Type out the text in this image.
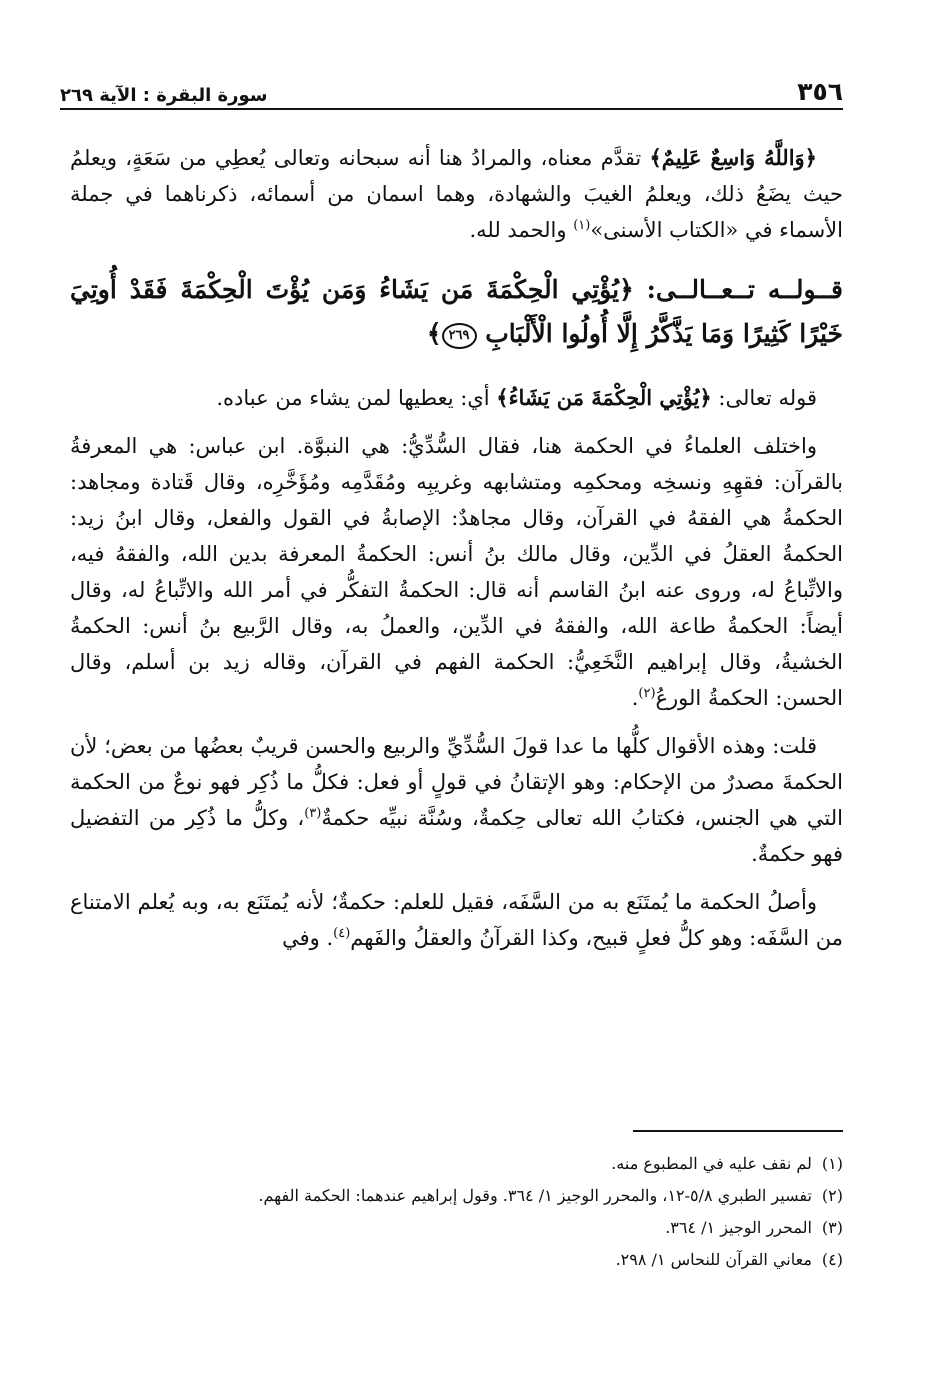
٣٥٦
سورة البقرة : الآية ٢٦٩

﴿وَاللَّهُ وَاسِعٌ عَلِيمٌ﴾ تقدَّم معناه، والمرادُ هنا أنه سبحانه وتعالى يُعطِي من سَعَةٍ، ويعلمُ حيث يضَعُ ذلك، ويعلمُ الغيبَ والشهادة، وهما اسمان من أسمائه، ذكرناهما في جملة الأسماء في «الكتاب الأسنى»$^{(١)}$ والحمد لله.

قــولــه تــعــالــى: ﴿يُؤْتِي الْحِكْمَةَ مَن يَشَاءُ وَمَن يُؤْتَ الْحِكْمَةَ فَقَدْ أُوتِيَ خَيْرًا كَثِيرًا وَمَا يَذَّكَّرُ إِلَّا أُولُوا الْأَلْبَابِ ٢٦٩﴾

قوله تعالى: ﴿يُؤْتِي الْحِكْمَةَ مَن يَشَاءُ﴾ أي: يعطيها لمن يشاء من عباده.

واختلف العلماءُ في الحكمة هنا، فقال السُّدِّيُّ: هي النبوَّة. ابن عباس: هي المعرفةُ بالقرآن: فقهِهِ ونسخِه ومحكمِه ومتشابهه وغريبِه ومُقَدَّمِه ومُؤَخَّرِه، وقال قَتادة ومجاهد: الحكمةُ هي الفقهُ في القرآن، وقال مجاهدٌ: الإصابةُ في القول والفعل، وقال ابنُ زيد: الحكمةُ العقلُ في الدِّين، وقال مالك بنُ أنس: الحكمةُ المعرفة بدين الله، والفقهُ فيه، والاتِّباعُ له، وروى عنه ابنُ القاسم أنه قال: الحكمةُ التفكُّر في أمر الله والاتِّباعُ له، وقال أيضاً: الحكمةُ طاعة الله، والفقهُ في الدِّين، والعملُ به، وقال الرَّبيع بنُ أنس: الحكمةُ الخشيةُ، وقال إبراهيم النَّخَعِيُّ: الحكمة الفهم في القرآن، وقاله زيد بن أسلم، وقال الحسن: الحكمةُ الورعُ$^{(٢)}$.

قلت: وهذه الأقوال كلُّها ما عدا قولَ السُّدِّيِّ والربيع والحسن قريبٌ بعضُها من بعض؛ لأن الحكمةَ مصدرٌ من الإحكام: وهو الإتقانُ في قولٍ أو فعل: فكلُّ ما ذُكِر فهو نوعٌ من الحكمة التي هي الجنس، فكتابُ الله تعالى حِكمةٌ، وسُنَّة نبيِّه حكمةٌ$^{(٣)}$، وكلُّ ما ذُكِر من التفضيل فهو حكمةٌ.

وأصلُ الحكمة ما يُمتَنَع به من السَّفَه، فقيل للعلم: حكمةٌ؛ لأنه يُمتَنَع به، وبه يُعلم الامتناع من السَّفَه: وهو كلُّ فعلٍ قبيح، وكذا القرآنُ والعقلُ والفَهم$^{(٤)}$. وفي

(١)لم نقف عليه في المطبوع منه.

(٢)تفسير الطبري ٥/٨-١٢، والمحرر الوجيز ١/ ٣٦٤. وقول إبراهيم عندهما: الحكمة الفهم.

(٣)المحرر الوجيز ١/ ٣٦٤.

(٤)معاني القرآن للنحاس ١/ ٢٩٨.
